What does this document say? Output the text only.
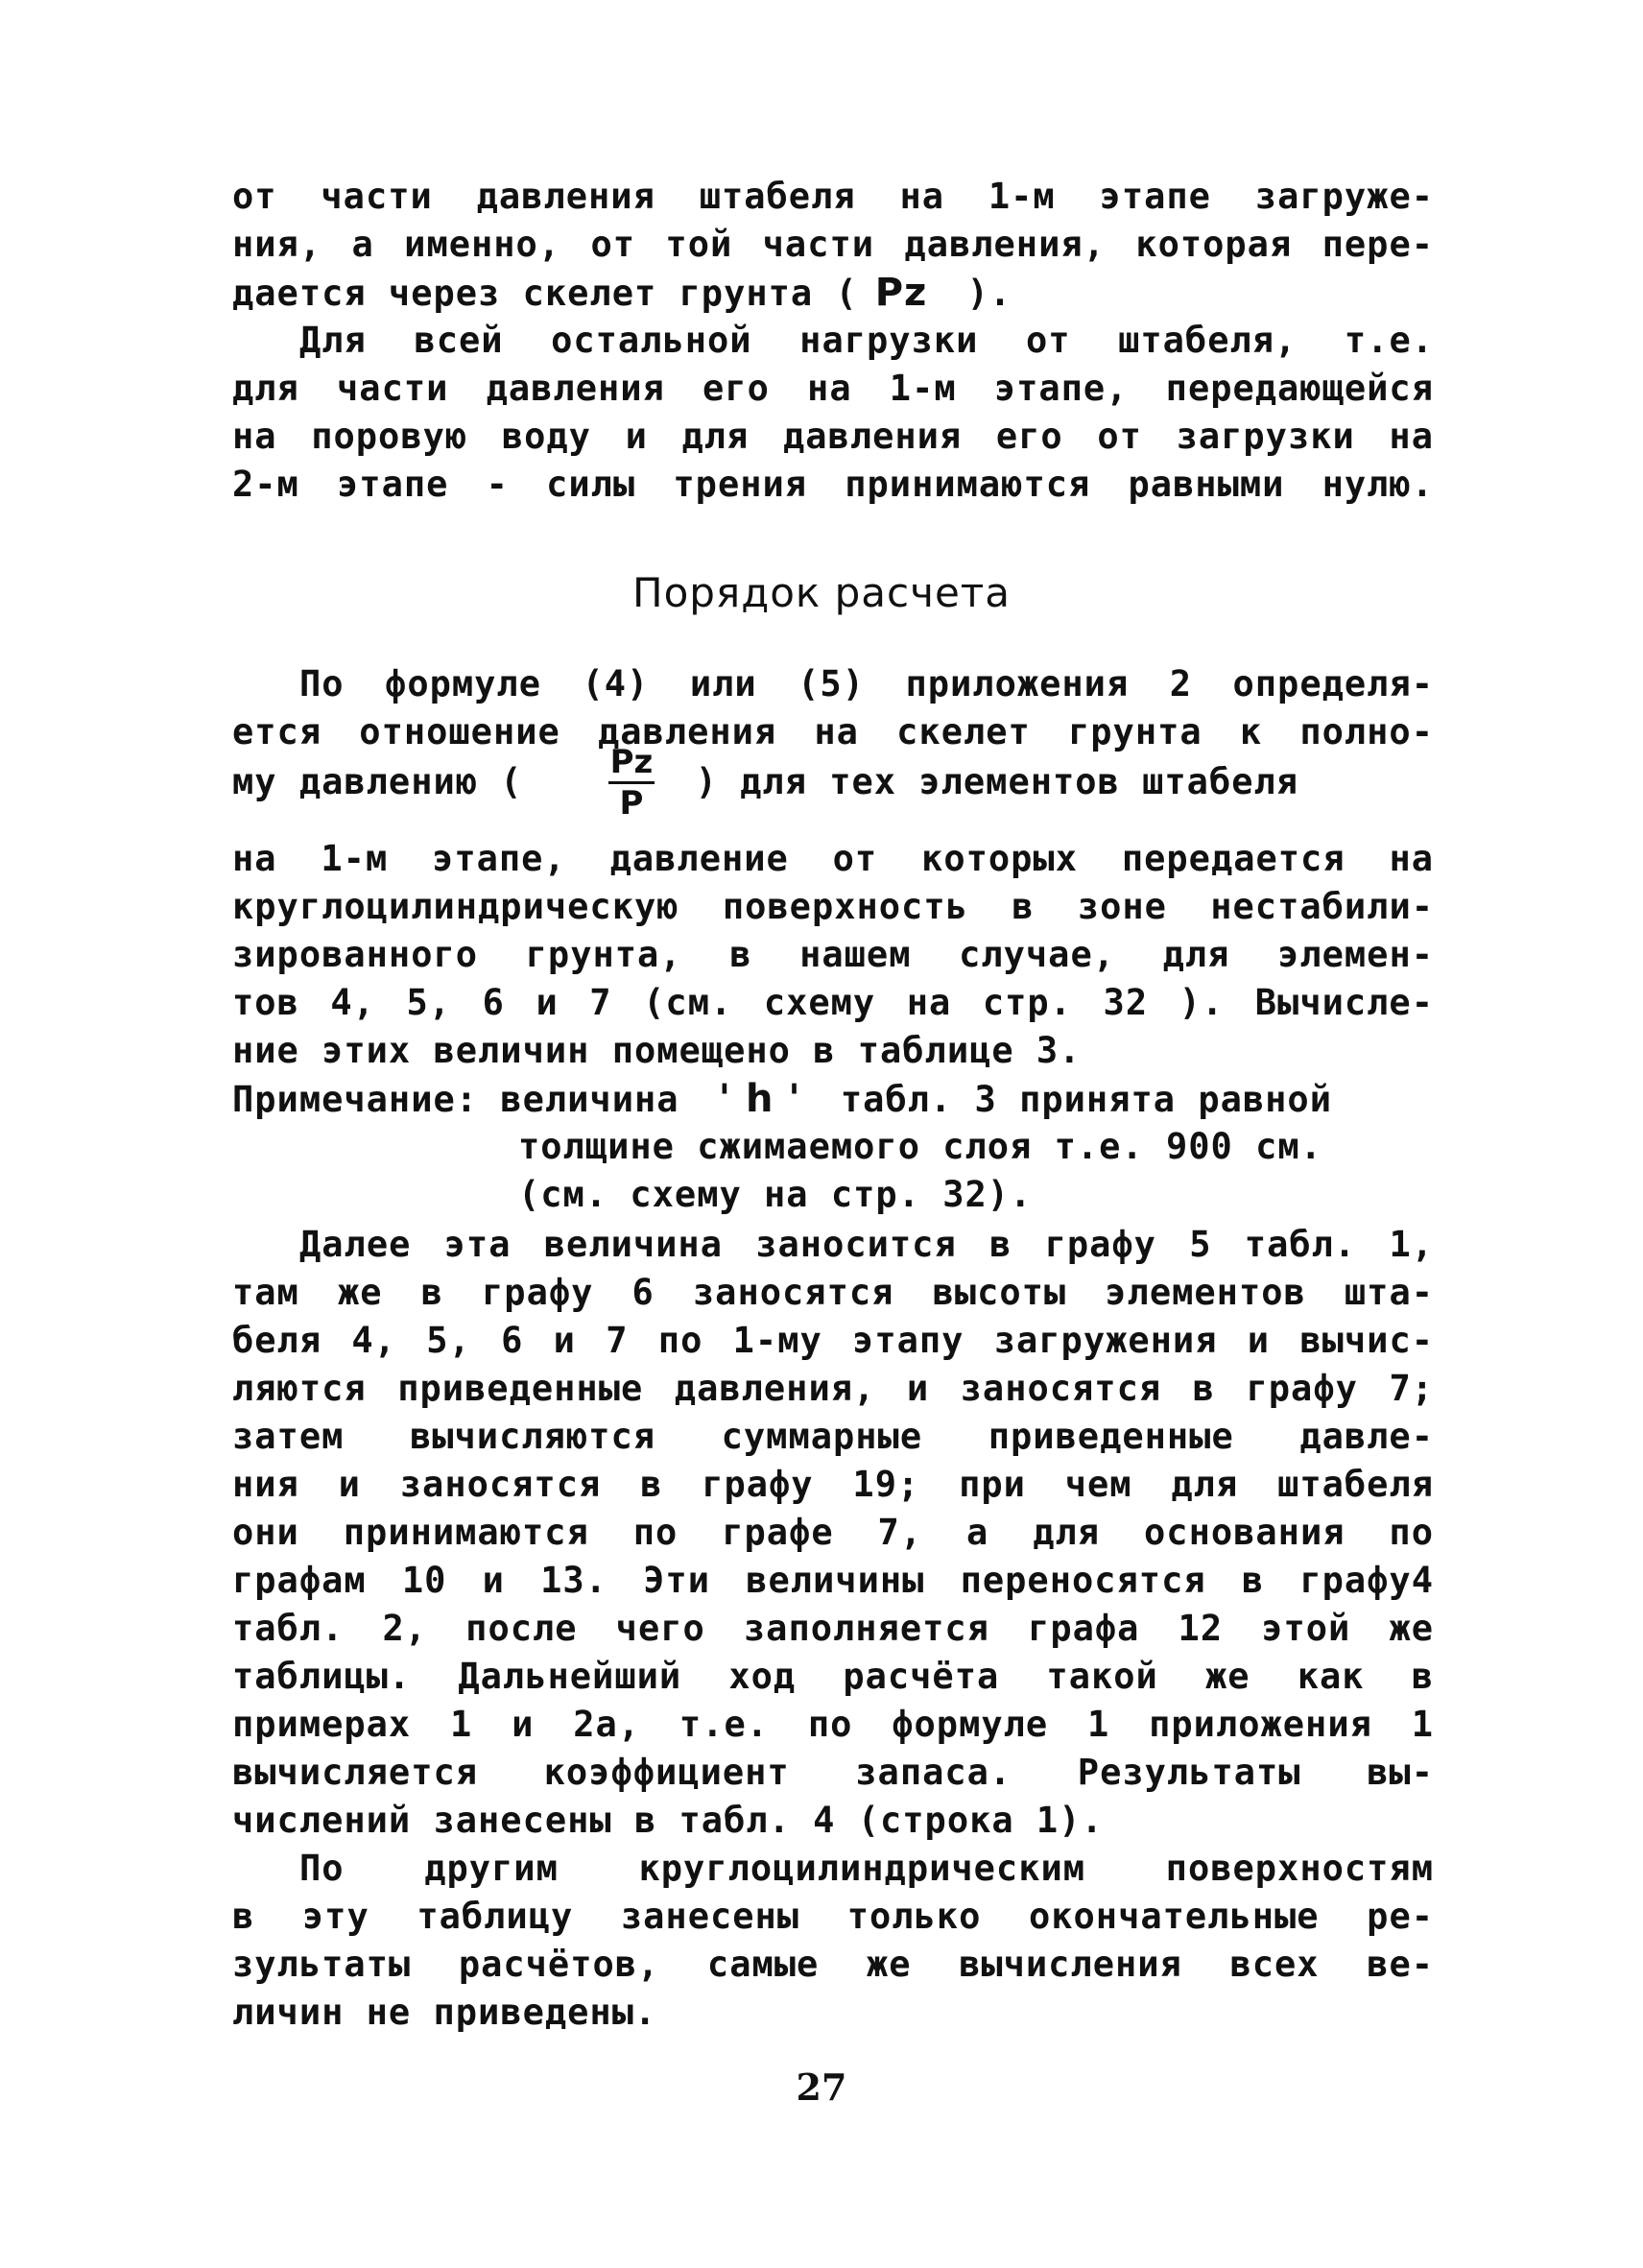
от части давления штабеля на 1-м этапе загруже-
ния, а именно, от той части давления, которая пере-
дается через скелет грунта ( Pz ).
Для всей остальной нагрузки от штабеля, т.е.
для части давления его на 1-м этапе, передающейся
на поровую воду и для давления его от загрузки на
2-м этапе - силы трения принимаются равными нулю.
Порядок расчета
По формуле (4) или (5) приложения 2 определя-
ется отношение давления на скелет грунта к полно-
му давлению (	) для тех элементов штабеля
Pz
P
на 1-м этапе, давление от которых передается на
круглоцилиндрическую поверхность в зоне нестабили-
зированного грунта, в нашем случае, для элемен-
тов 4, 5, 6 и 7 (см. схему на стр. 32 ). Вычисле-
ние этих величин помещено в таблице 3.
Примечание: величина ' h ' табл. 3 принята равной
толщине сжимаемого слоя т.е. 900 см.
(см. схему на стр. 32).
Далее эта величина заносится в графу 5 табл. 1,
там же в графу 6 заносятся высоты элементов шта-
беля 4, 5, 6 и 7 по 1-му этапу загружения и вычис-
ляются приведенные давления, и заносятся в графу 7;
затем вычисляются суммарные приведенные давле-
ния и заносятся в графу 19; при чем для штабеля
они принимаются по графе 7, а для основания по
графам 10 и 13. Эти величины переносятся в графу4
табл. 2, после чего заполняется графа 12 этой же
таблицы. Дальнейший ход расчёта такой же как в
примерах 1 и 2а, т.е. по формуле 1 приложения 1
вычисляется коэффициент запаса. Результаты вы-
числений занесены в табл. 4 (строка 1).
По другим круглоцилиндрическим поверхностям
в эту таблицу занесены только окончательные ре-
зультаты расчётов, самые же вычисления всех ве-
личин не приведены.
27
